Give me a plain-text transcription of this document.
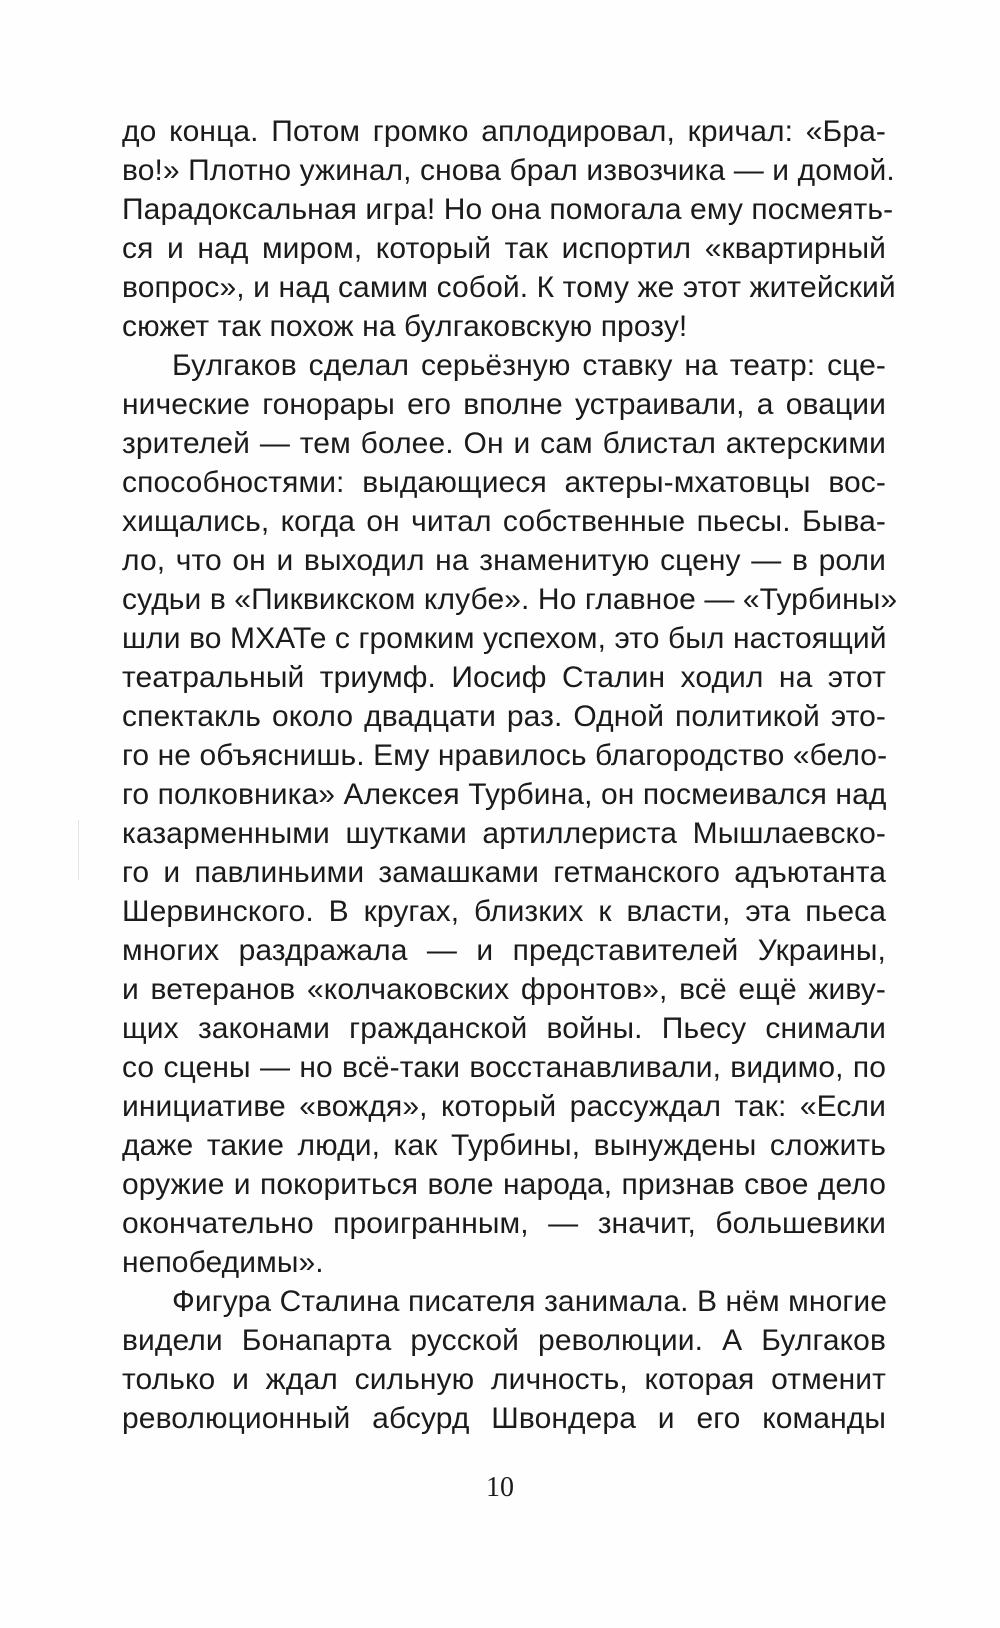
до конца. Потом громко аплодировал, кричал: «Бра-
во!» Плотно ужинал, снова брал извозчика — и домой.
Парадоксальная игра! Но она помогала ему посмеять-
ся и над миром, который так испортил «квартирный
вопрос», и над самим собой. К тому же этот житейский
сюжет так похож на булгаковскую прозу!
Булгаков сделал серьёзную ставку на театр: сце-
нические гонорары его вполне устраивали, а овации
зрителей — тем более. Он и сам блистал актерскими
способностями: выдающиеся актеры-мхатовцы вос-
хищались, когда он читал собственные пьесы. Быва-
ло, что он и выходил на знаменитую сцену — в роли
судьи в «Пиквикском клубе». Но главное — «Турбины»
шли во МХАТе с громким успехом, это был настоящий
театральный триумф. Иосиф Сталин ходил на этот
спектакль около двадцати раз. Одной политикой это-
го не объяснишь. Ему нравилось благородство «бело-
го полковника» Алексея Турбина, он посмеивался над
казарменными шутками артиллериста Мышлаевско-
го и павлиньими замашками гетманского адъютанта
Шервинского. В кругах, близких к власти, эта пьеса
многих раздражала — и представителей Украины,
и ветеранов «колчаковских фронтов», всё ещё живу-
щих законами гражданской войны. Пьесу снимали
со сцены — но всё-таки восстанавливали, видимо, по
инициативе «вождя», который рассуждал так: «Если
даже такие люди, как Турбины, вынуждены сложить
оружие и покориться воле народа, признав свое дело
окончательно проигранным, — значит, большевики
непобедимы».
Фигура Сталина писателя занимала. В нём многие
видели Бонапарта русской революции. А Булгаков
только и ждал сильную личность, которая отменит
революционный абсурд Швондера и его команды
10
